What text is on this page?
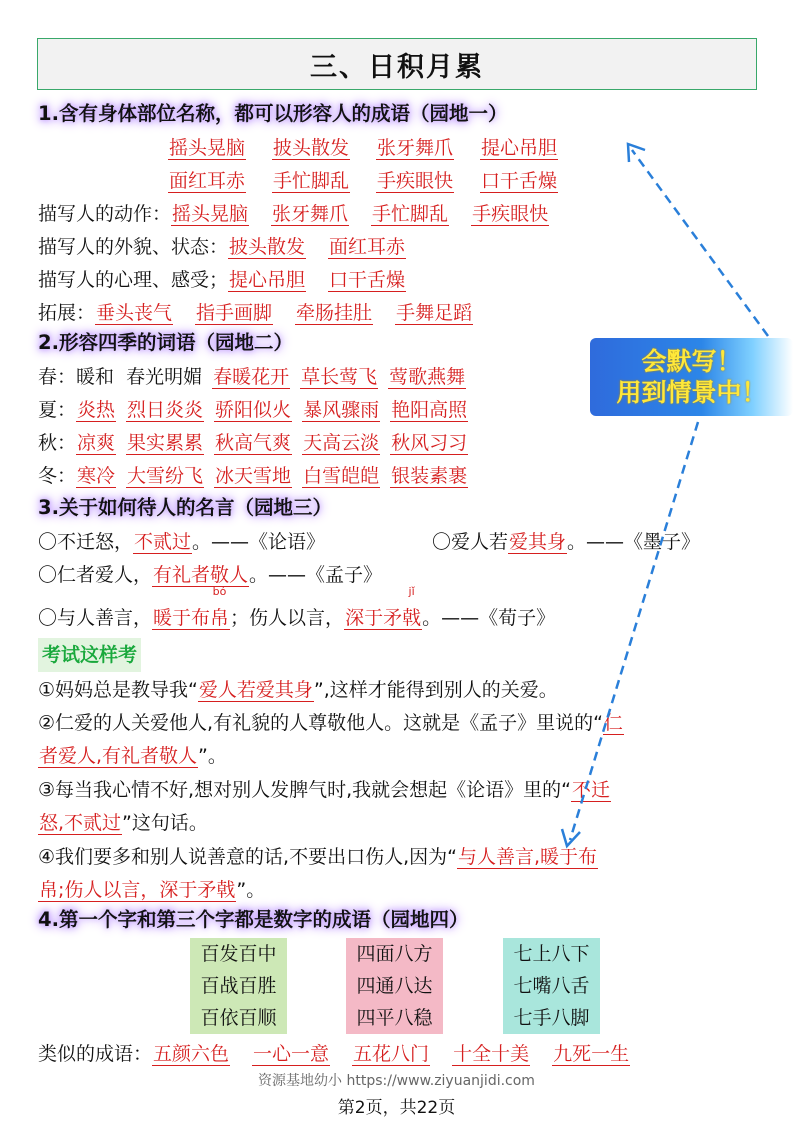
三、日积月累
1.含有身体部位名称，都可以形容人的成语（园地一）
摇头晃脑 披头散发 张牙舞爪 提心吊胆
面红耳赤 手忙脚乱 手疾眼快 口干舌燥
描写人的动作：摇头晃脑 张牙舞爪 手忙脚乱 手疾眼快
描写人的外貌、状态：披头散发 面红耳赤
描写人的心理、感受；提心吊胆 口干舌燥
拓展：垂头丧气 指手画脚 牵肠挂肚 手舞足蹈
2.形容四季的词语（园地二）
春：暖和  春光明媚 春暖花开 草长莺飞 莺歌燕舞
夏：炎热 烈日炎炎 骄阳似火 暴风骤雨 艳阳高照
秋：凉爽 果实累累 秋高气爽 天高云淡 秋风习习
冬：寒冷 大雪纷飞 冰天雪地 白雪皑皑 银装素裹
会默写！
用到情景中！
3.关于如何待人的名言（园地三）
〇不迁怒，不贰过。——《论语》	〇爱人若爱其身。——《墨子》
〇仁者爱人，有礼者敬人。——《孟子》
〇与人善言，暖于布
bó
帛；伤人以言，深于矛
jǐ
戟。——《荀子》
考试这样考
①妈妈总是教导我“爱人若爱其身”,这样才能得到别人的关爱。
②仁爱的人关爱他人,有礼貌的人尊敬他人。这就是《孟子》里说的“仁
者爱人,有礼者敬人”。
③每当我心情不好,想对别人发脾气时,我就会想起《论语》里的“不迁
怒,不贰过”这句话。
④我们要多和别人说善意的话,不要出口伤人,因为“与人善言,暖于布
帛;伤人以言，深于矛戟”。
4.第一个字和第三个字都是数字的成语（园地四）
百发百中
百战百胜
百依百顺
四面八方
四通八达
四平八稳
七上八下
七嘴八舌
七手八脚
类似的成语：五颜六色 一心一意 五花八门 十全十美 九死一生
资源基地幼小 https://www.ziyuanjidi.com
第2页，共22页
